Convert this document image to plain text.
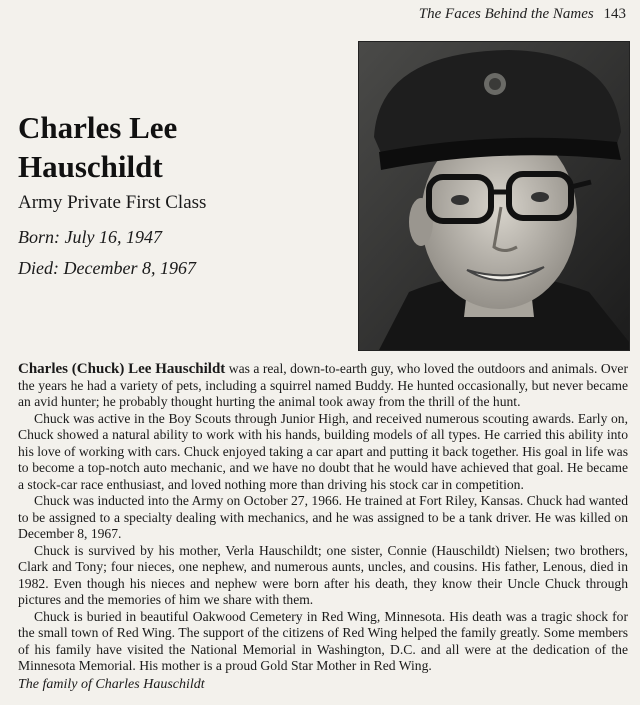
The Faces Behind the Names 143
Charles Lee
Hauschildt
Army Private First Class
Born: July 16, 1947
Died: December 8, 1967

Charles (Chuck) Lee Hauschildt was a real, down-to-earth guy, who loved the outdoors and animals. Over the years he had a variety of pets, including a squirrel named Buddy. He hunted occasionally, but never became an avid hunter; he probably thought hurting the animal took away from the thrill of the hunt.

Chuck was active in the Boy Scouts through Junior High, and received numerous scouting awards. Early on, Chuck showed a natural ability to work with his hands, building models of all types. He carried this ability into his love of working with cars. Chuck enjoyed taking a car apart and putting it back together. His goal in life was to become a top-notch auto mechanic, and we have no doubt that he would have achieved that goal. He became a stock-car race enthusiast, and loved nothing more than driving his stock car in competition.

Chuck was inducted into the Army on October 27, 1966. He trained at Fort Riley, Kansas. Chuck had wanted to be assigned to a specialty dealing with mechanics, and he was assigned to be a tank driver. He was killed on December 8, 1967.

Chuck is survived by his mother, Verla Hauschildt; one sister, Connie (Hauschildt) Nielsen; two brothers, Clark and Tony; four nieces, one nephew, and numerous aunts, uncles, and cousins. His father, Lenous, died in 1982. Even though his nieces and nephew were born after his death, they know their Uncle Chuck through pictures and the memories of him we share with them.

Chuck is buried in beautiful Oakwood Cemetery in Red Wing, Minnesota. His death was a tragic shock for the small town of Red Wing. The support of the citizens of Red Wing helped the family greatly. Some members of his family have visited the National Memorial in Washington, D.C. and all were at the dedication of the Minnesota Memorial. His mother is a proud Gold Star Mother in Red Wing.

The family of Charles Hauschildt
